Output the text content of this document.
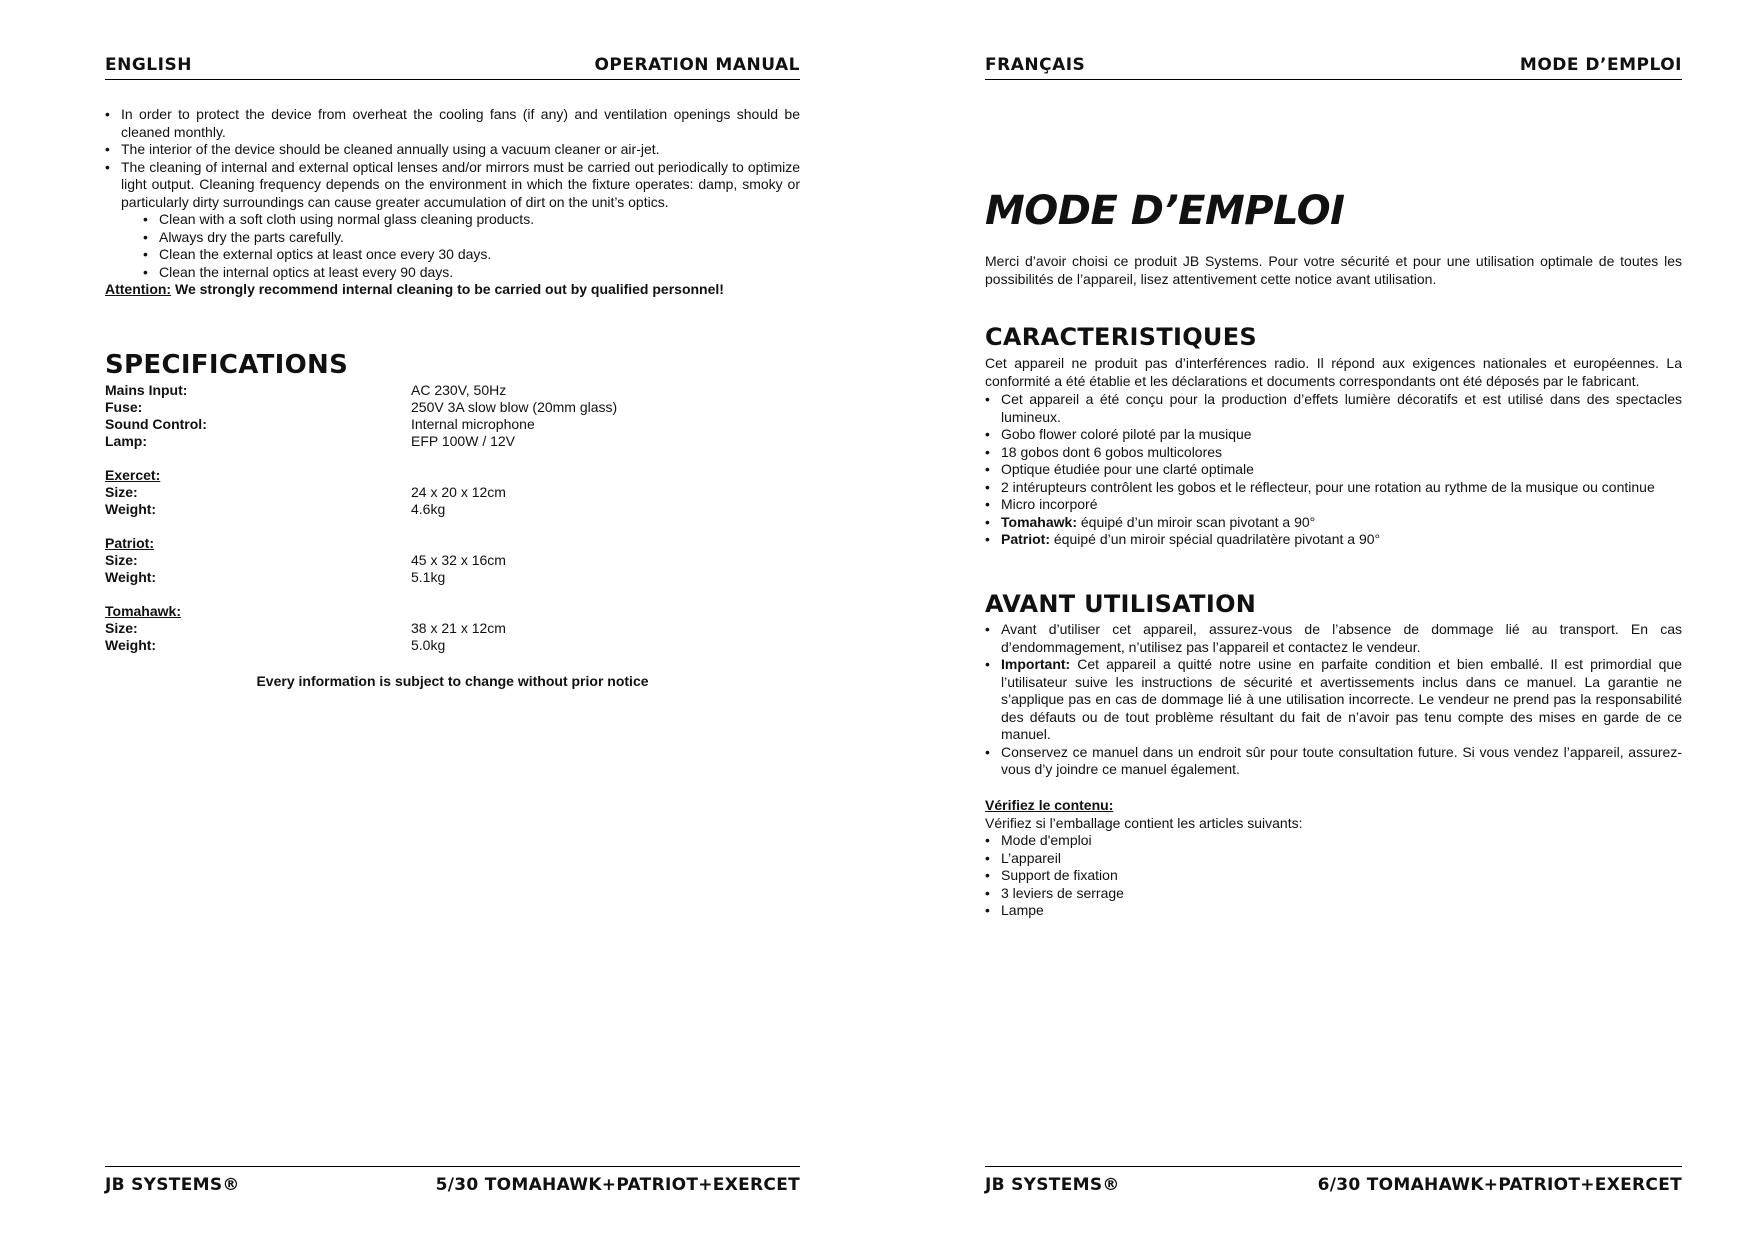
ENGLISH	OPERATION MANUAL
• In order to protect the device from overheat the cooling fans (if any) and ventilation openings should be cleaned monthly.
• The interior of the device should be cleaned annually using a vacuum cleaner or air-jet.
• The cleaning of internal and external optical lenses and/or mirrors must be carried out periodically to optimize light output. Cleaning frequency depends on the environment in which the fixture operates: damp, smoky or particularly dirty surroundings can cause greater accumulation of dirt on the unit’s optics.
• Clean with a soft cloth using normal glass cleaning products.
• Always dry the parts carefully.
• Clean the external optics at least once every 30 days.
• Clean the internal optics at least every 90 days.
Attention: We strongly recommend internal cleaning to be carried out by qualified personnel!
SPECIFICATIONS
Mains Input:	AC 230V, 50Hz
Fuse:	250V 3A slow blow (20mm glass)
Sound Control:	Internal microphone
Lamp:	EFP 100W / 12V

Exercet:	
Size:	24 x 20 x 12cm
Weight:	4.6kg

Patriot:	
Size:	45 x 32 x 16cm
Weight:	5.1kg

Tomahawk:	
Size:	38 x 21 x 12cm
Weight:	5.0kg
Every information is subject to change without prior notice
JB SYSTEMS®	5/30 TOMAHAWK+PATRIOT+EXERCET
FRANÇAIS	MODE D’EMPLOI
MODE D’EMPLOI
Merci d’avoir choisi ce produit JB Systems. Pour votre sécurité et pour une utilisation optimale de toutes les possibilités de l’appareil, lisez attentivement cette notice avant utilisation.
CARACTERISTIQUES
Cet appareil ne produit pas d’interférences radio. Il répond aux exigences nationales et européennes. La conformité a été établie et les déclarations et documents correspondants ont été déposés par le fabricant.
• Cet appareil a été conçu pour la production d’effets lumière décoratifs et est utilisé dans des spectacles lumineux.
• Gobo flower coloré piloté par la musique
• 18 gobos dont 6 gobos multicolores
• Optique étudiée pour une clarté optimale
• 2 intérupteurs contrôlent les gobos et le réflecteur, pour une rotation au rythme de la musique ou continue
• Micro incorporé
• Tomahawk: équipé d’un miroir scan pivotant a 90°
• Patriot: équipé d’un miroir spécial quadrilatère pivotant a 90°
AVANT UTILISATION
• Avant d’utiliser cet appareil, assurez-vous de l’absence de dommage lié au transport. En cas d’endommagement, n’utilisez pas l’appareil et contactez le vendeur.
• Important: Cet appareil a quitté notre usine en parfaite condition et bien emballé. Il est primordial que l’utilisateur suive les instructions de sécurité et avertissements inclus dans ce manuel. La garantie ne s’applique pas en cas de dommage lié à une utilisation incorrecte. Le vendeur ne prend pas la responsabilité des défauts ou de tout problème résultant du fait de n’avoir pas tenu compte des mises en garde de ce manuel.
• Conservez ce manuel dans un endroit sûr pour toute consultation future. Si vous vendez l’appareil, assurez-vous d’y joindre ce manuel également.
Vérifiez le contenu:
Vérifiez si l’emballage contient les articles suivants:
• Mode d'emploi
• L’appareil
• Support de fixation
• 3 leviers de serrage
• Lampe
JB SYSTEMS®	6/30 TOMAHAWK+PATRIOT+EXERCET
